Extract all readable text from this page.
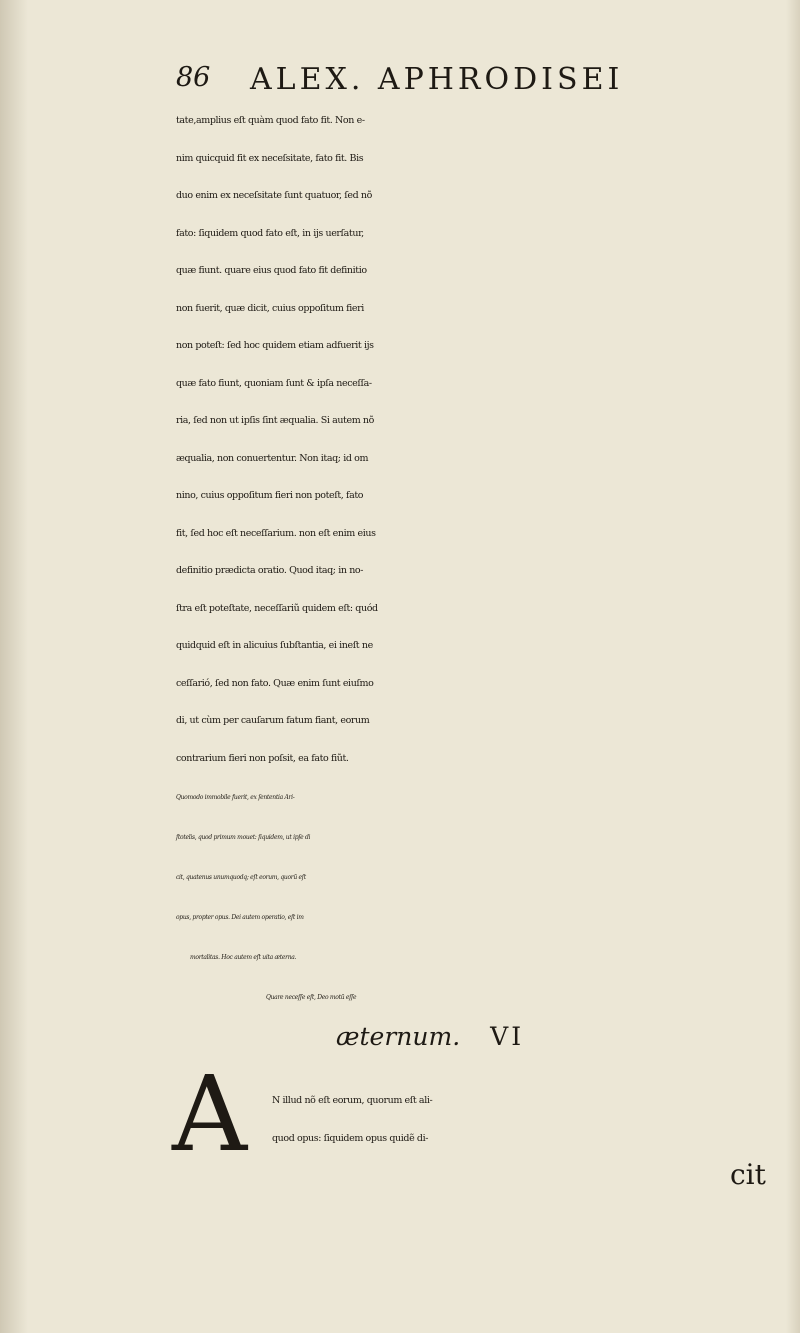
86 ALEX. APHRODISEI
tate,amplius eſt quàm quod fato fit. Non e-
nim quicquid fit ex neceſsitate, fato fit. Bis
duo enim ex neceſsitate ſunt quatuor, ſed nõ
fato: ſiquidem quod fato eſt, in ijs uerſatur,
quæ fiunt. quare eius quod fato fit definitio
non fuerit, quæ dicit, cuius oppoſitum fieri
non poteſt: ſed hoc quidem etiam adfuerit ijs
quæ fato fiunt, quoniam ſunt & ipſa neceſſa-
ria, ſed non ut ipſis ſint æqualia. Si autem nõ
æqualia, non conuertentur. Non itaq; id om
nino, cuius oppoſitum fieri non poteſt, fato
fit, ſed hoc eſt neceſſarium. non eſt enim eius
definitio prædicta oratio. Quod itaq; in no-
ſtra eſt poteſtate, neceſſariũ quidem eſt: quód
quidquid eſt in alicuius ſubſtantia, ei ineſt ne
ceſſarió, ſed non fato. Quæ enim ſunt eiuſmo
di, ut cùm per cauſarum fatum fiant, eorum
contrarium fieri non poſsit, ea fato fiũt.
Quomodo immobile fuerit, ex ſententia Ari-
ſtotelis, quod primum mouet: ſiquidem, ut ipſe di
cit, quatenus unumquodq; eſt eorum, quorũ eſt
opus, propter opus. Dei autem operatio, eſt im
mortalitas. Hoc autem eſt uita æterna.
Quare neceſſe eſt, Deo motũ eſſe
æternum. VI
A	N illud nõ eſt eorum, quorum eſt ali-
quod opus: ſiquidem opus quidẽ di-
cit
